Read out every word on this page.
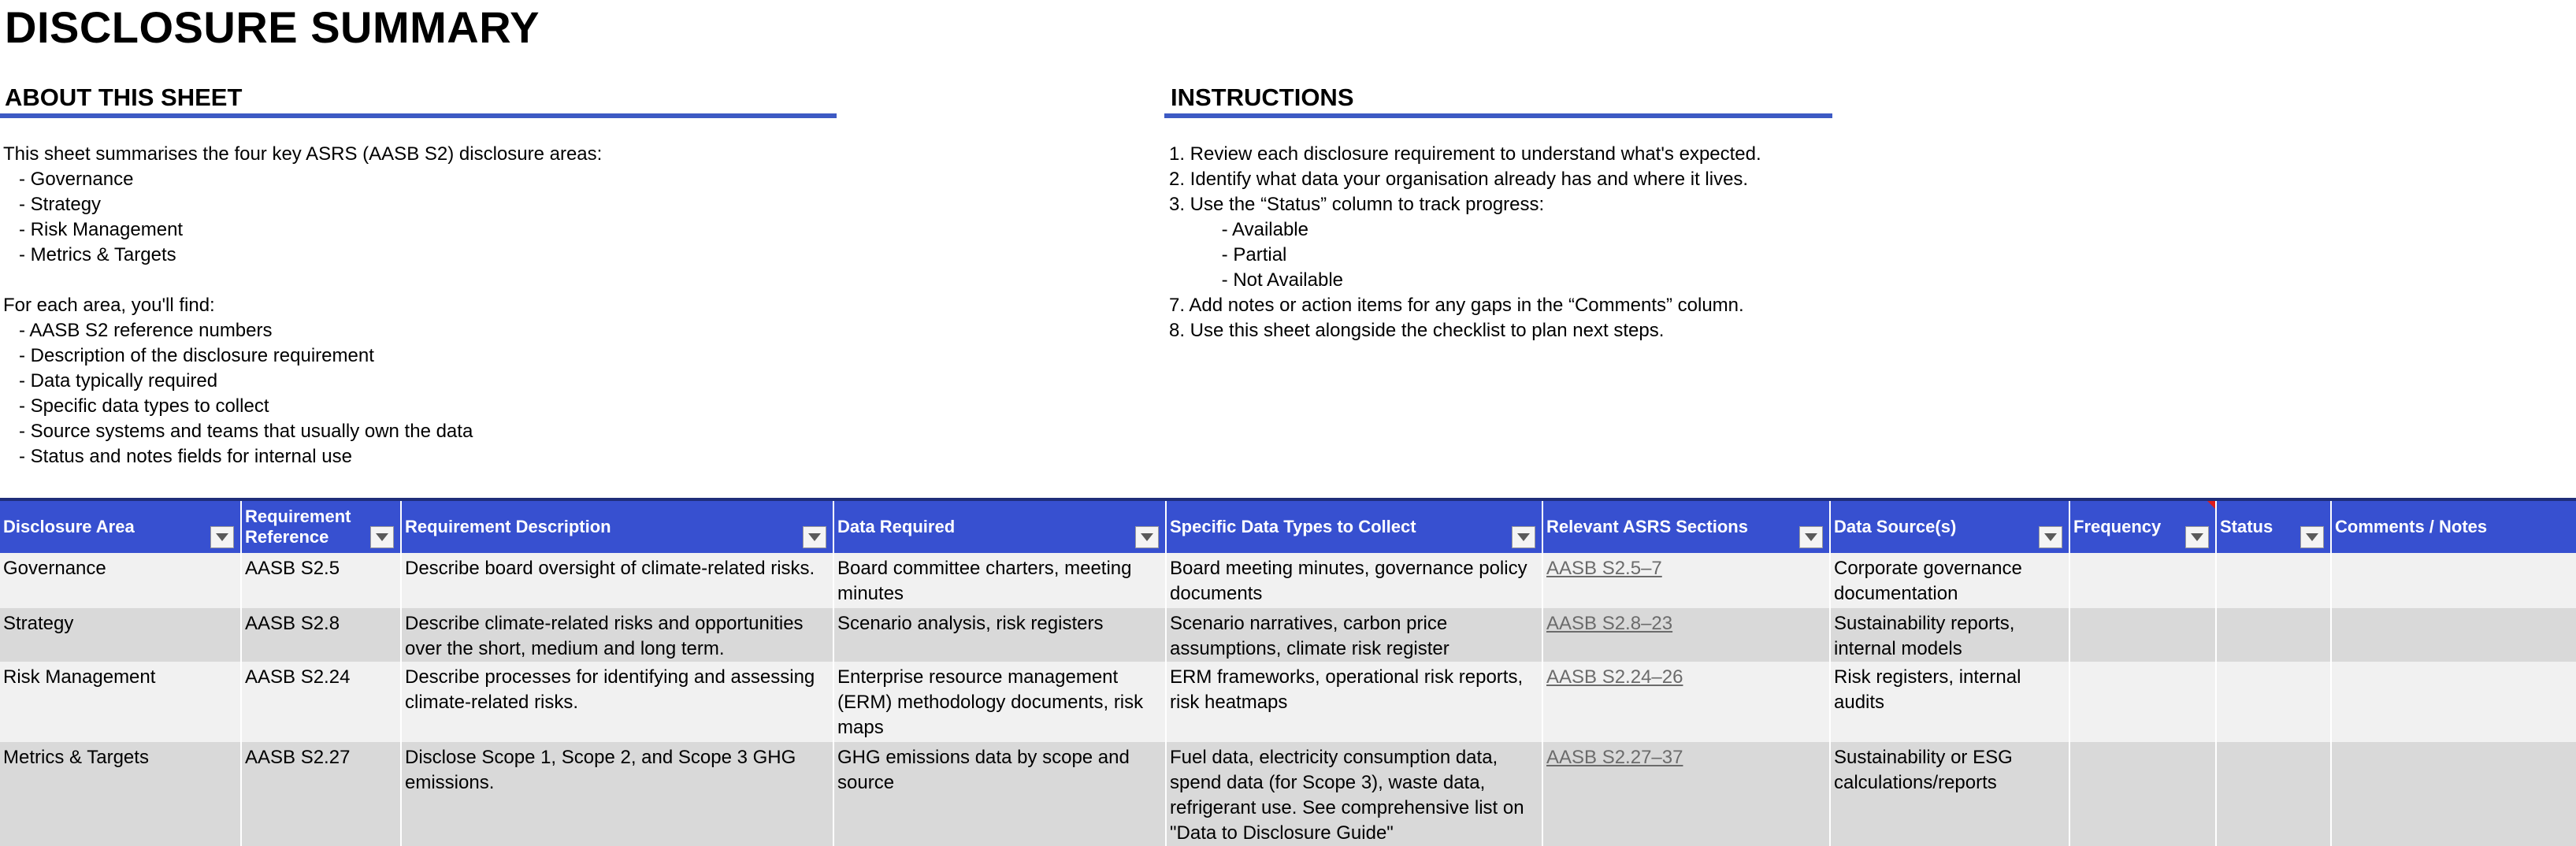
DISCLOSURE SUMMARY
ABOUT THIS SHEET
This sheet summarises the four key ASRS (AASB S2) disclosure areas:
- Governance
- Strategy
- Risk Management
- Metrics & Targets
For each area, you'll find:
- AASB S2 reference numbers
- Description of the disclosure requirement
- Data typically required
- Specific data types to collect
- Source systems and teams that usually own the data
- Status and notes fields for internal use
INSTRUCTIONS
1. Review each disclosure requirement to understand what's expected.
2. Identify what data your organisation already has and where it lives.
3. Use the “Status” column to track progress:
- Available
- Partial
- Not Available
7. Add notes or action items for any gaps in the “Comments” column.
8. Use this sheet alongside the checklist to plan next steps.
Disclosure Area	Requirement Reference	Requirement Description	Data Required	Specific Data Types to Collect	Relevant ASRS Sections	Data Source(s)	Frequency	Status	Comments / Notes

Governance	AASB S2.5	Describe board oversight of climate-related risks.	Board committee charters, meeting minutes	Board meeting minutes, governance policy documents	AASB S2.5–7	Corporate governance documentation			
Strategy	AASB S2.8	Describe climate-related risks and opportunities over the short, medium and long term.	Scenario analysis, risk registers	Scenario narratives, carbon price assumptions, climate risk register	AASB S2.8–23	Sustainability reports, internal models			
Risk Management	AASB S2.24	Describe processes for identifying and assessing climate-related risks.	Enterprise resource management (ERM) methodology documents, risk maps	ERM frameworks, operational risk reports, risk heatmaps	AASB S2.24–26	Risk registers, internal audits			
Metrics & Targets	AASB S2.27	Disclose Scope 1, Scope 2, and Scope 3 GHG emissions.	GHG emissions data by scope and source	Fuel data, electricity consumption data, spend data (for Scope 3), waste data, refrigerant use. See comprehensive list on "Data to Disclosure Guide"	AASB S2.27–37	Sustainability or ESG calculations/reports			
